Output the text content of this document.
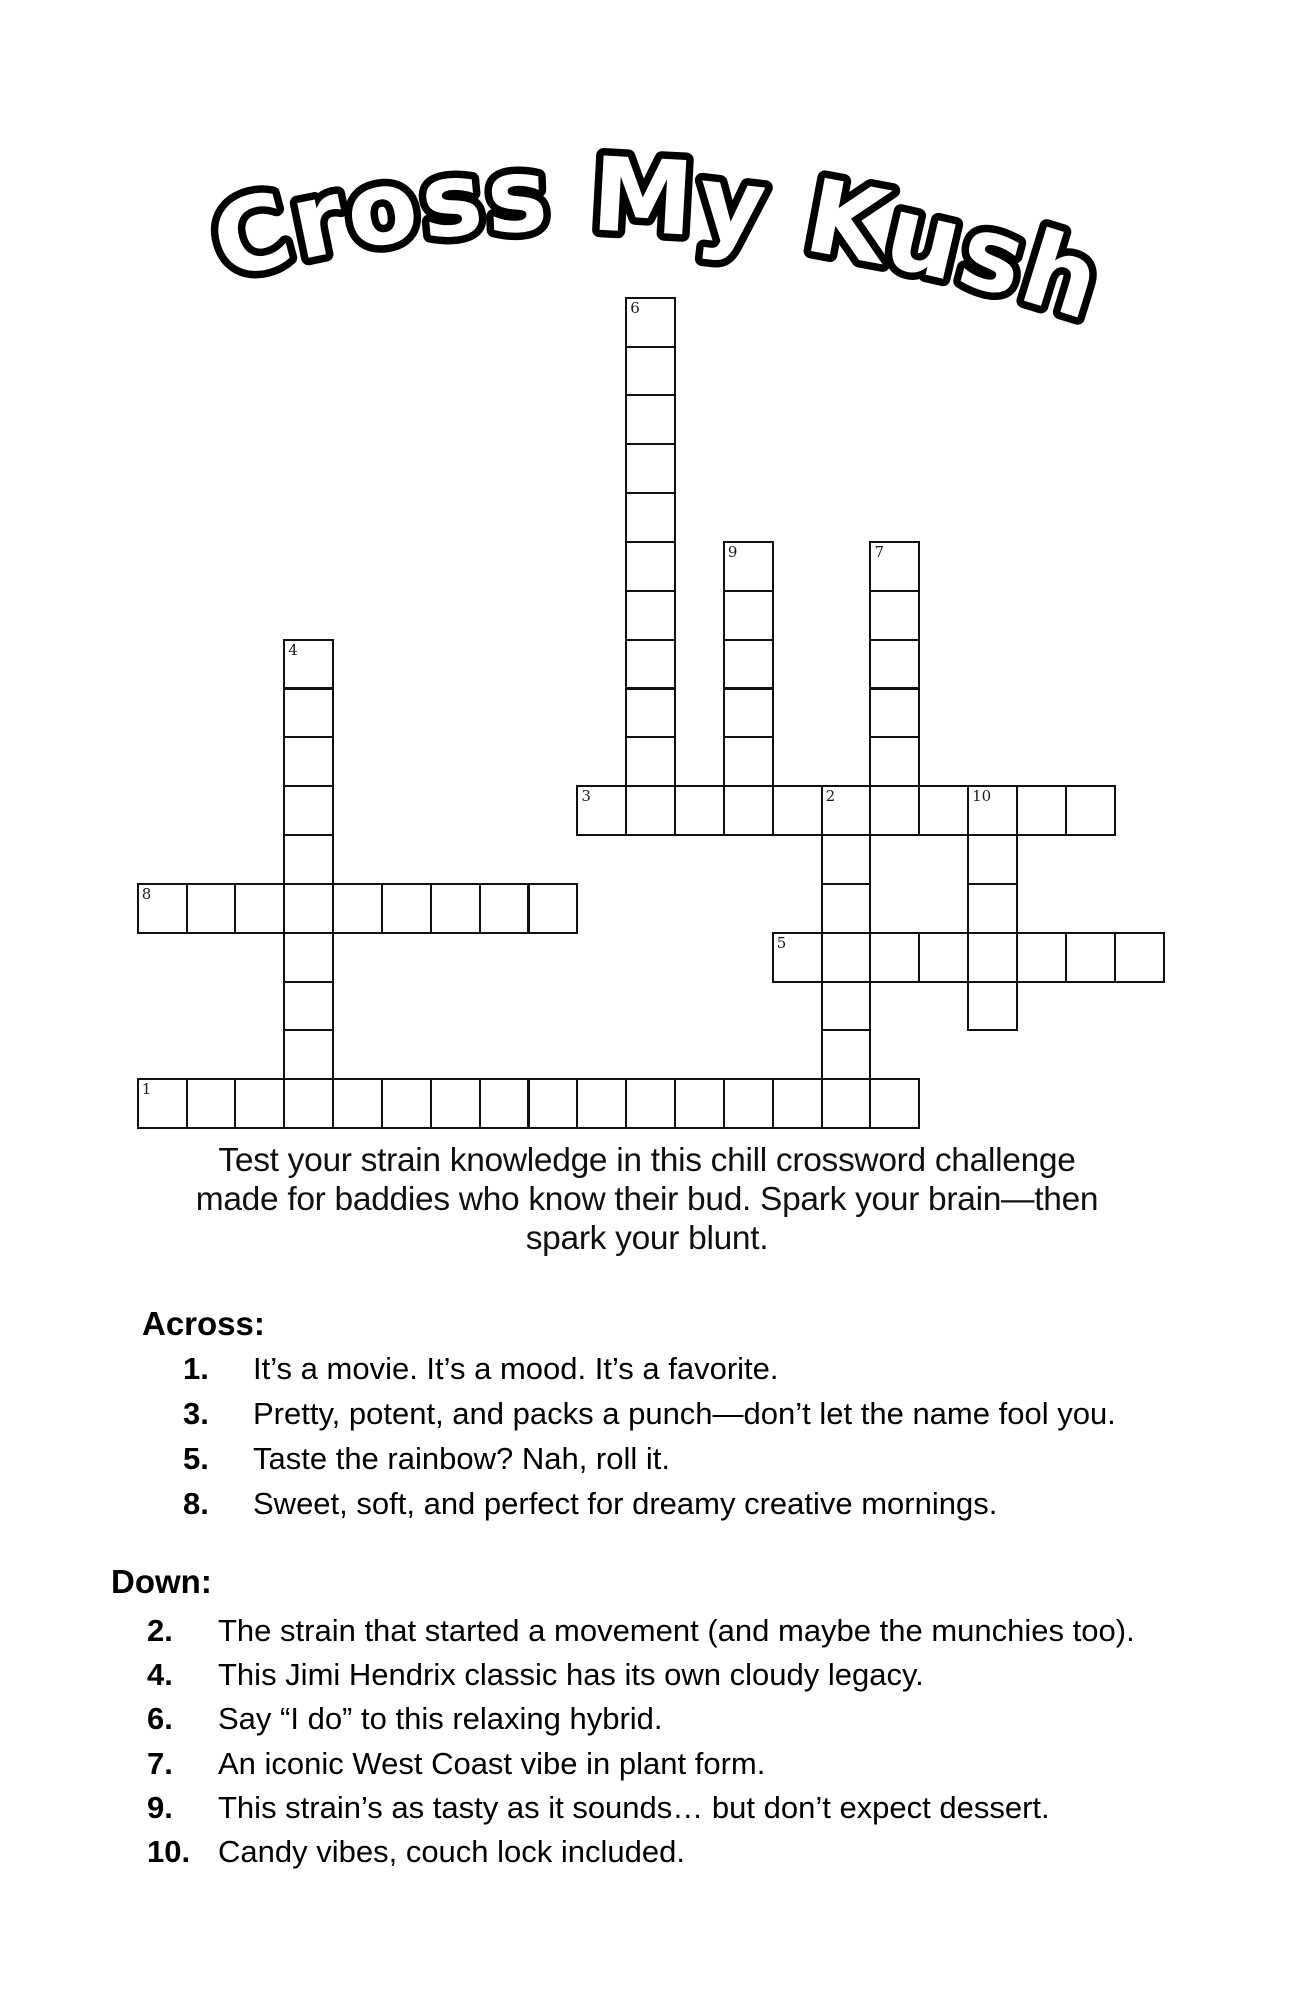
Cross My Kush
6
9	7
4
3	2	10
8
5
1
Test your strain knowledge in this chill crossword challenge
made for baddies who know their bud. Spark your brain—then
spark your blunt.
Across:
1. It’s a movie. It’s a mood. It’s a favorite.
3. Pretty, potent, and packs a punch—don’t let the name fool you.
5. Taste the rainbow? Nah, roll it.
8. Sweet, soft, and perfect for dreamy creative mornings.
Down:
2. The strain that started a movement (and maybe the munchies too).
4. This Jimi Hendrix classic has its own cloudy legacy.
6. Say “I do” to this relaxing hybrid.
7. An iconic West Coast vibe in plant form.
9. This strain’s as tasty as it sounds… but don’t expect dessert.
10. Candy vibes, couch lock included.
